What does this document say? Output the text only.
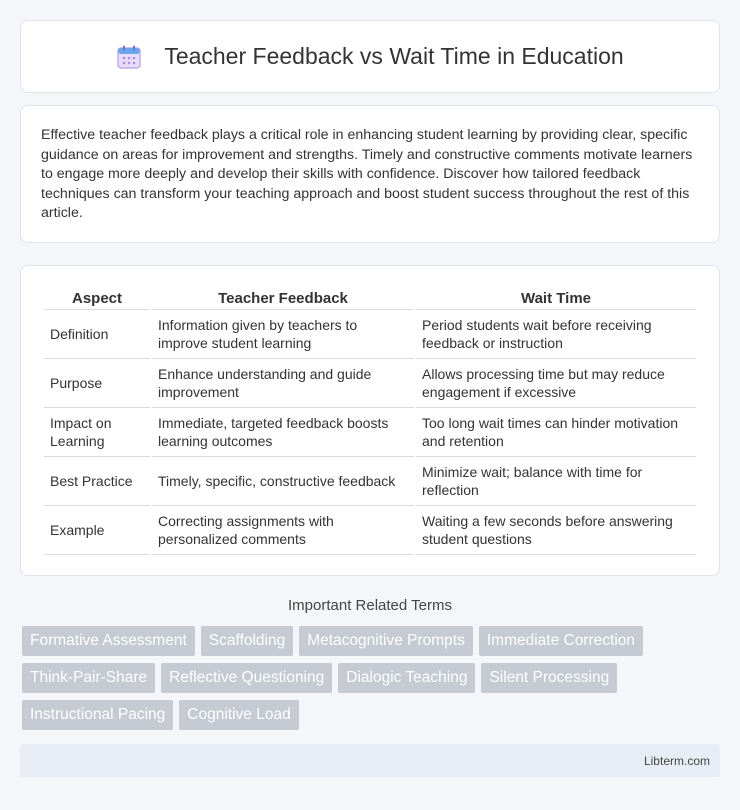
Teacher Feedback vs Wait Time in Education

Effective teacher feedback plays a critical role in enhancing student learning by providing clear, specific guidance on areas for improvement and strengths. Timely and constructive comments motivate learners to engage more deeply and develop their skills with confidence. Discover how tailored feedback techniques can transform your teaching approach and boost student success throughout the rest of this article.

Aspect	Teacher Feedback	Wait Time
Definition	Information given by teachers to improve student learning	Period students wait before receiving feedback or instruction
Purpose	Enhance understanding and guide improvement	Allows processing time but may reduce engagement if excessive
Impact on Learning	Immediate, targeted feedback boosts learning outcomes	Too long wait times can hinder motivation and retention
Best Practice	Timely, specific, constructive feedback	Minimize wait; balance with time for reflection
Example	Correcting assignments with personalized comments	Waiting a few seconds before answering student questions
Important Related Terms
Formative Assessment	Scaffolding	Metacognitive Prompts	Immediate Correction
Think-Pair-Share	Reflective Questioning	Dialogic Teaching	Silent Processing
Instructional Pacing	Cognitive Load
Libterm.com
